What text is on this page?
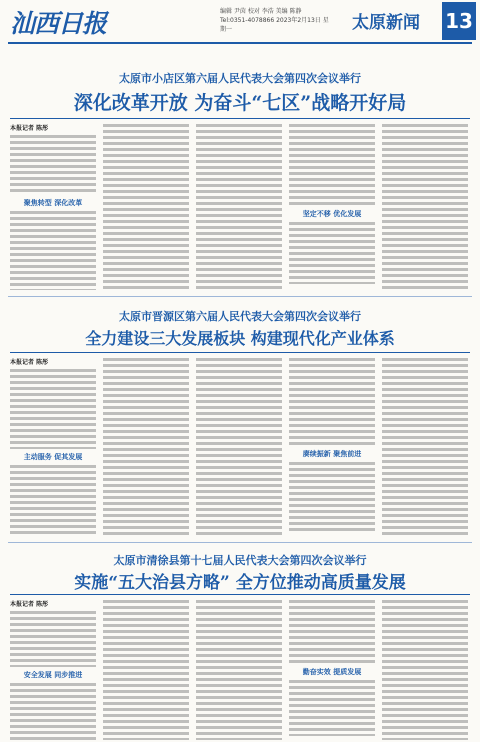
汕西日报	编辑 尹茵 校对 李浩 美编 陈静
Tel:0351-4078866 2023年2月13日 星期一	太原新闻 13
太原市小店区第六届人民代表大会第四次会议举行
深化改革开放 为奋斗“七区”战略开好局
本报记者 陈彤
聚焦转型 深化改革
坚定不移 优化发展
太原市晋源区第六届人民代表大会第四次会议举行
全力建设三大发展板块 构建现代化产业体系
本报记者 陈彤
主动服务 促其发展	赓续振新 聚焦前进
太原市清徐县第十七届人民代表大会第四次会议举行
实施“五大治县方略” 全方位推动高质量发展
本报记者 陈彤
安全发展 同步推进	勤奋实效 提质发展
